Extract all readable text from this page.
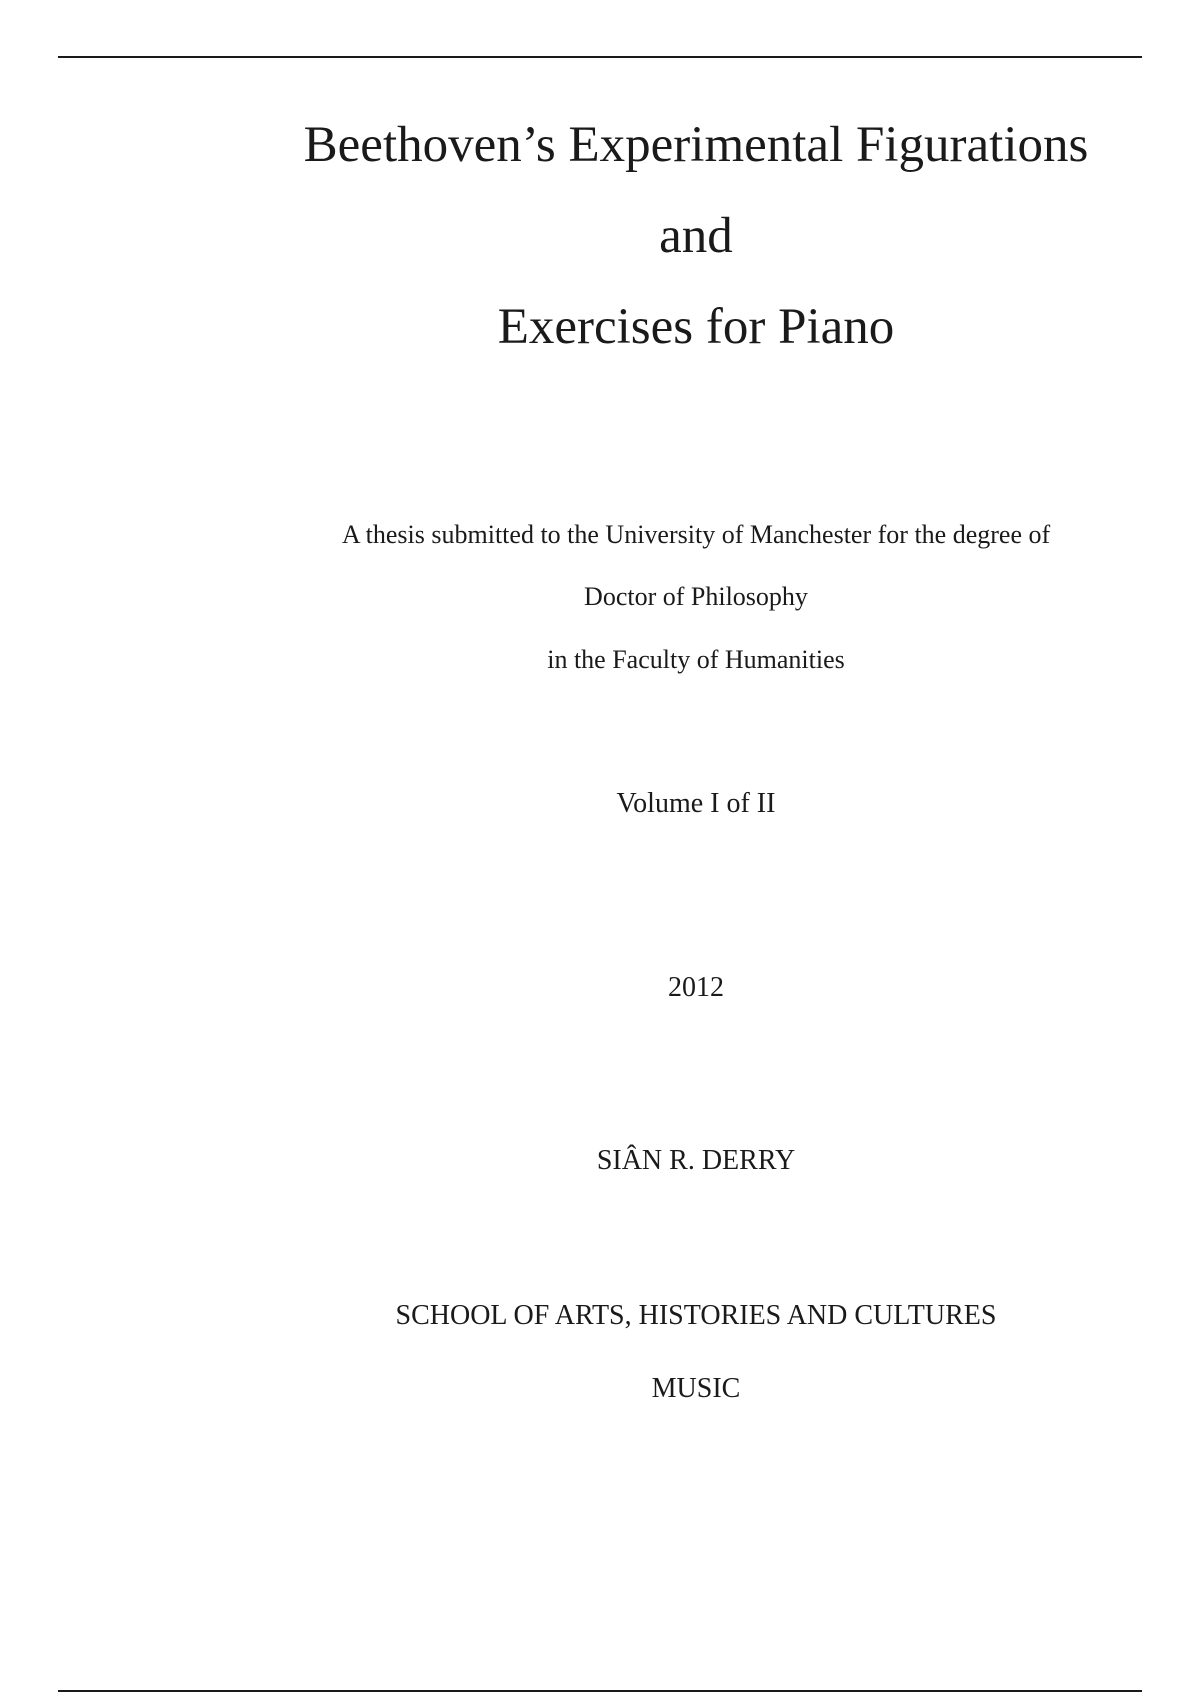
Beethoven’s Experimental Figurations
and
Exercises for Piano
A thesis submitted to the University of Manchester for the degree of
Doctor of Philosophy
in the Faculty of Humanities
Volume I of II
2012
SIÂN R. DERRY
SCHOOL OF ARTS, HISTORIES AND CULTURES
MUSIC
